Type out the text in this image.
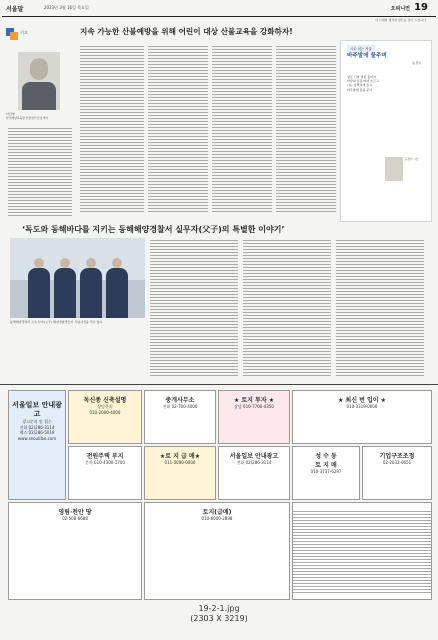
서울말	2023년 3월 16일 목요일	오피니언 19
이 시대의 생각과 판단을 담아 드립니다
기고
이신영
한국해양교육원 안전관리단장 박사
지속 가능한 산불예방을 위해 어린이 대상 산불교육을 강화하자!
시로 쉬는 서울
바주발에 물주며
윤경석
창문 너머 빗물 흩어져
마당의 물길 따라 흐르고
나는 물뿌리개 들고
바주발에 물을 준다
윤경석 시인
‘독도와 동해바다를 지키는 동해해양경찰서 실무자(父子)의 특별한 이야기’
동해해양경찰서 소속 부자(父子) 해양경찰관들이 기념사진을 찍고 있다.
서울일보 안내광고
광고문의 및 접수
전화 02)286-3114
팩스 02)286-5019
www.seoulilbo.com
독신종 신축설명
상담문의
010-2000-4000
중개사무소
전화 02-700-4000
★ 토지 투자 ★
상담 010-7700-4350
★ 최신 번 입이 ★
010-3319-0000
전원주택 부지
문의 010-4300-1700
★토 지 급 매★
011-0000-0000
서울일보 안내광고
전화 02)286-3114
성 수 동
토 지 매
010-3737-6297
기업구조조정
02-2033-0651
영림·천안 땅
02-508-6688
토지(급매)
010-6000-2898
19-2-1.jpg
(2303 X 3219)
